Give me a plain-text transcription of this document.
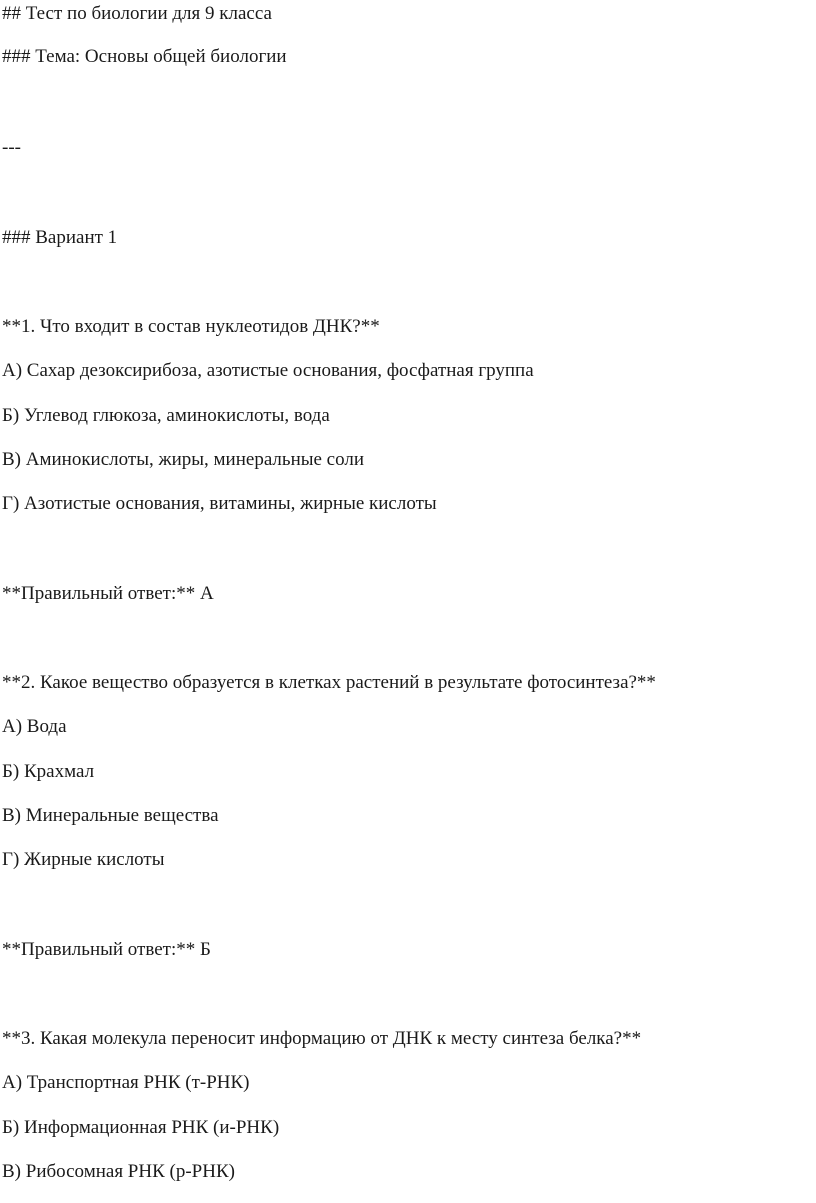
## Тест по биологии для 9 класса
### Тема: Основы общей биологии
---
### Вариант 1
**1. Что входит в состав нуклеотидов ДНК?**
А) Сахар дезоксирибоза, азотистые основания, фосфатная группа
Б) Углевод глюкоза, аминокислоты, вода
В) Аминокислоты, жиры, минеральные соли
Г) Азотистые основания, витамины, жирные кислоты
**Правильный ответ:** А
**2. Какое вещество образуется в клетках растений в результате фотосинтеза?**
А) Вода
Б) Крахмал
В) Минеральные вещества
Г) Жирные кислоты
**Правильный ответ:** Б
**3. Какая молекула переносит информацию от ДНК к месту синтеза белка?**
А) Транспортная РНК (т-РНК)
Б) Информационная РНК (и-РНК)
В) Рибосомная РНК (р-РНК)
